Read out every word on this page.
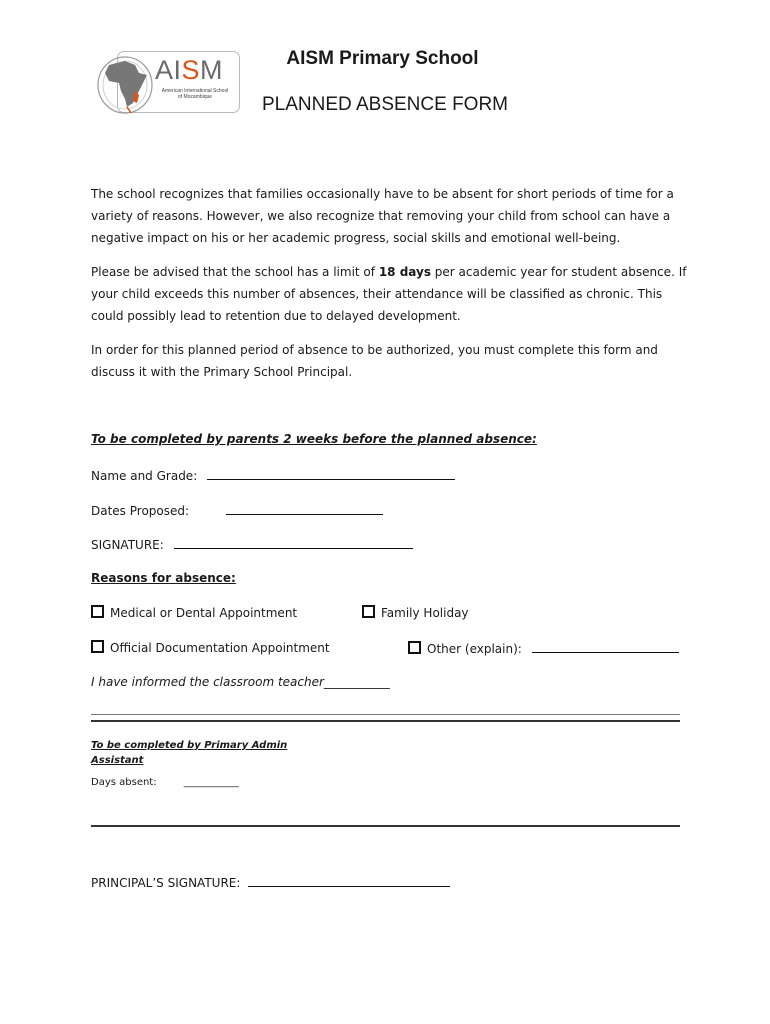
AISM
American International School
of Mozambique
AISM Primary School
PLANNED ABSENCE FORM
The school recognizes that families occasionally have to be absent for short periods of time for a variety of reasons. However, we also recognize that removing your child from school can have a negative impact on his or her academic progress, social skills and emotional well-being.
Please be advised that the school has a limit of 18 days per academic year for student absence. If your child exceeds this number of absences, their attendance will be classified as chronic. This could possibly lead to retention due to delayed development.
In order for this planned period of absence to be authorized, you must complete this form and discuss it with the Primary School Principal.
To be completed by parents 2 weeks before the planned absence:
Name and Grade:
Dates Proposed:
SIGNATURE:
Reasons for absence:
Medical or Dental Appointment	Family Holiday
Official Documentation Appointment	Other (explain):
I have informed the classroom teacher___________
To be completed by Primary Admin
Assistant
Days absent:	___________
PRINCIPAL’S SIGNATURE:
